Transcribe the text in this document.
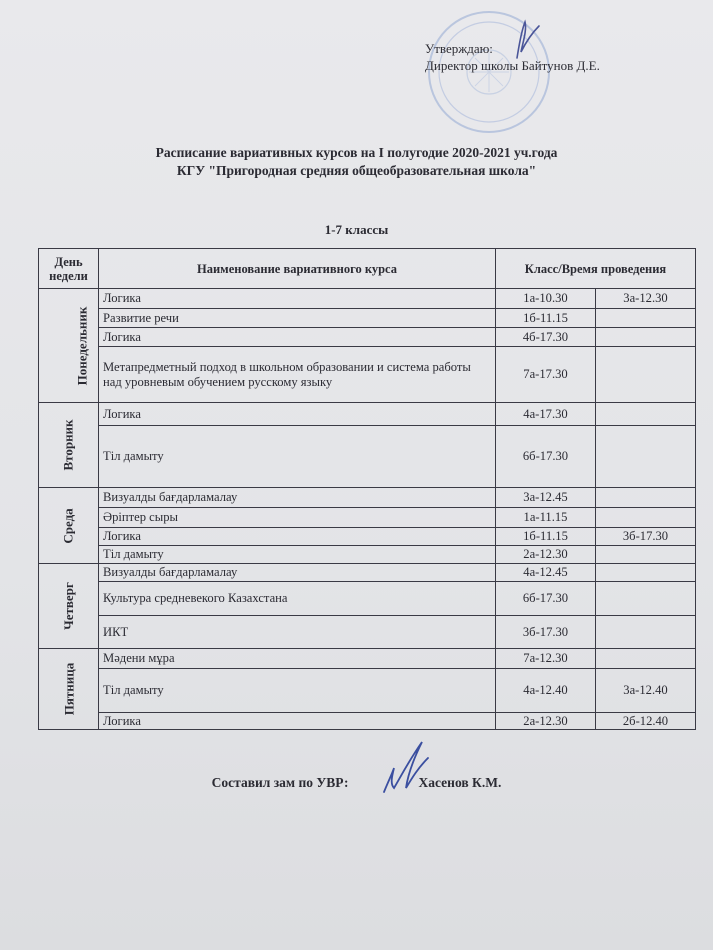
Утверждаю:
Директор школы Байтунов Д.Е.
Расписание вариативных курсов на I полугодие 2020-2021 уч.года
КГУ "Пригородная средняя общеобразовательная школа"
1-7 классы
День недели	Наименование вариативного курса	Класс/Время проведения	
Понедельник	Логика	1а-10.30	3а-12.30
	Развитие речи	1б-11.15	
	Логика	4б-17.30	
	Метапредметный подход в школьном образовании и система работы над уровневым обучением русскому языку	7а-17.30	
Вторник	Логика	4а-17.30	
	Тіл дамыту	6б-17.30	
Среда	Визуалды бағдарламалау	3а-12.45	
	Әріптер сыры	1а-11.15	
	Логика	1б-11.15	3б-17.30
	Тіл дамыту	2а-12.30	
Четверг	Визуалды бағдарламалау	4а-12.45	
	Культура средневекого Казахстана	6б-17.30	
	ИКТ	3б-17.30	
Пятница	Мәдени мұра	7а-12.30	
	Тіл дамыту	4а-12.40	3а-12.40
	Логика	2а-12.30	2б-12.40
Составил зам по УВР:	Хасенов К.М.
